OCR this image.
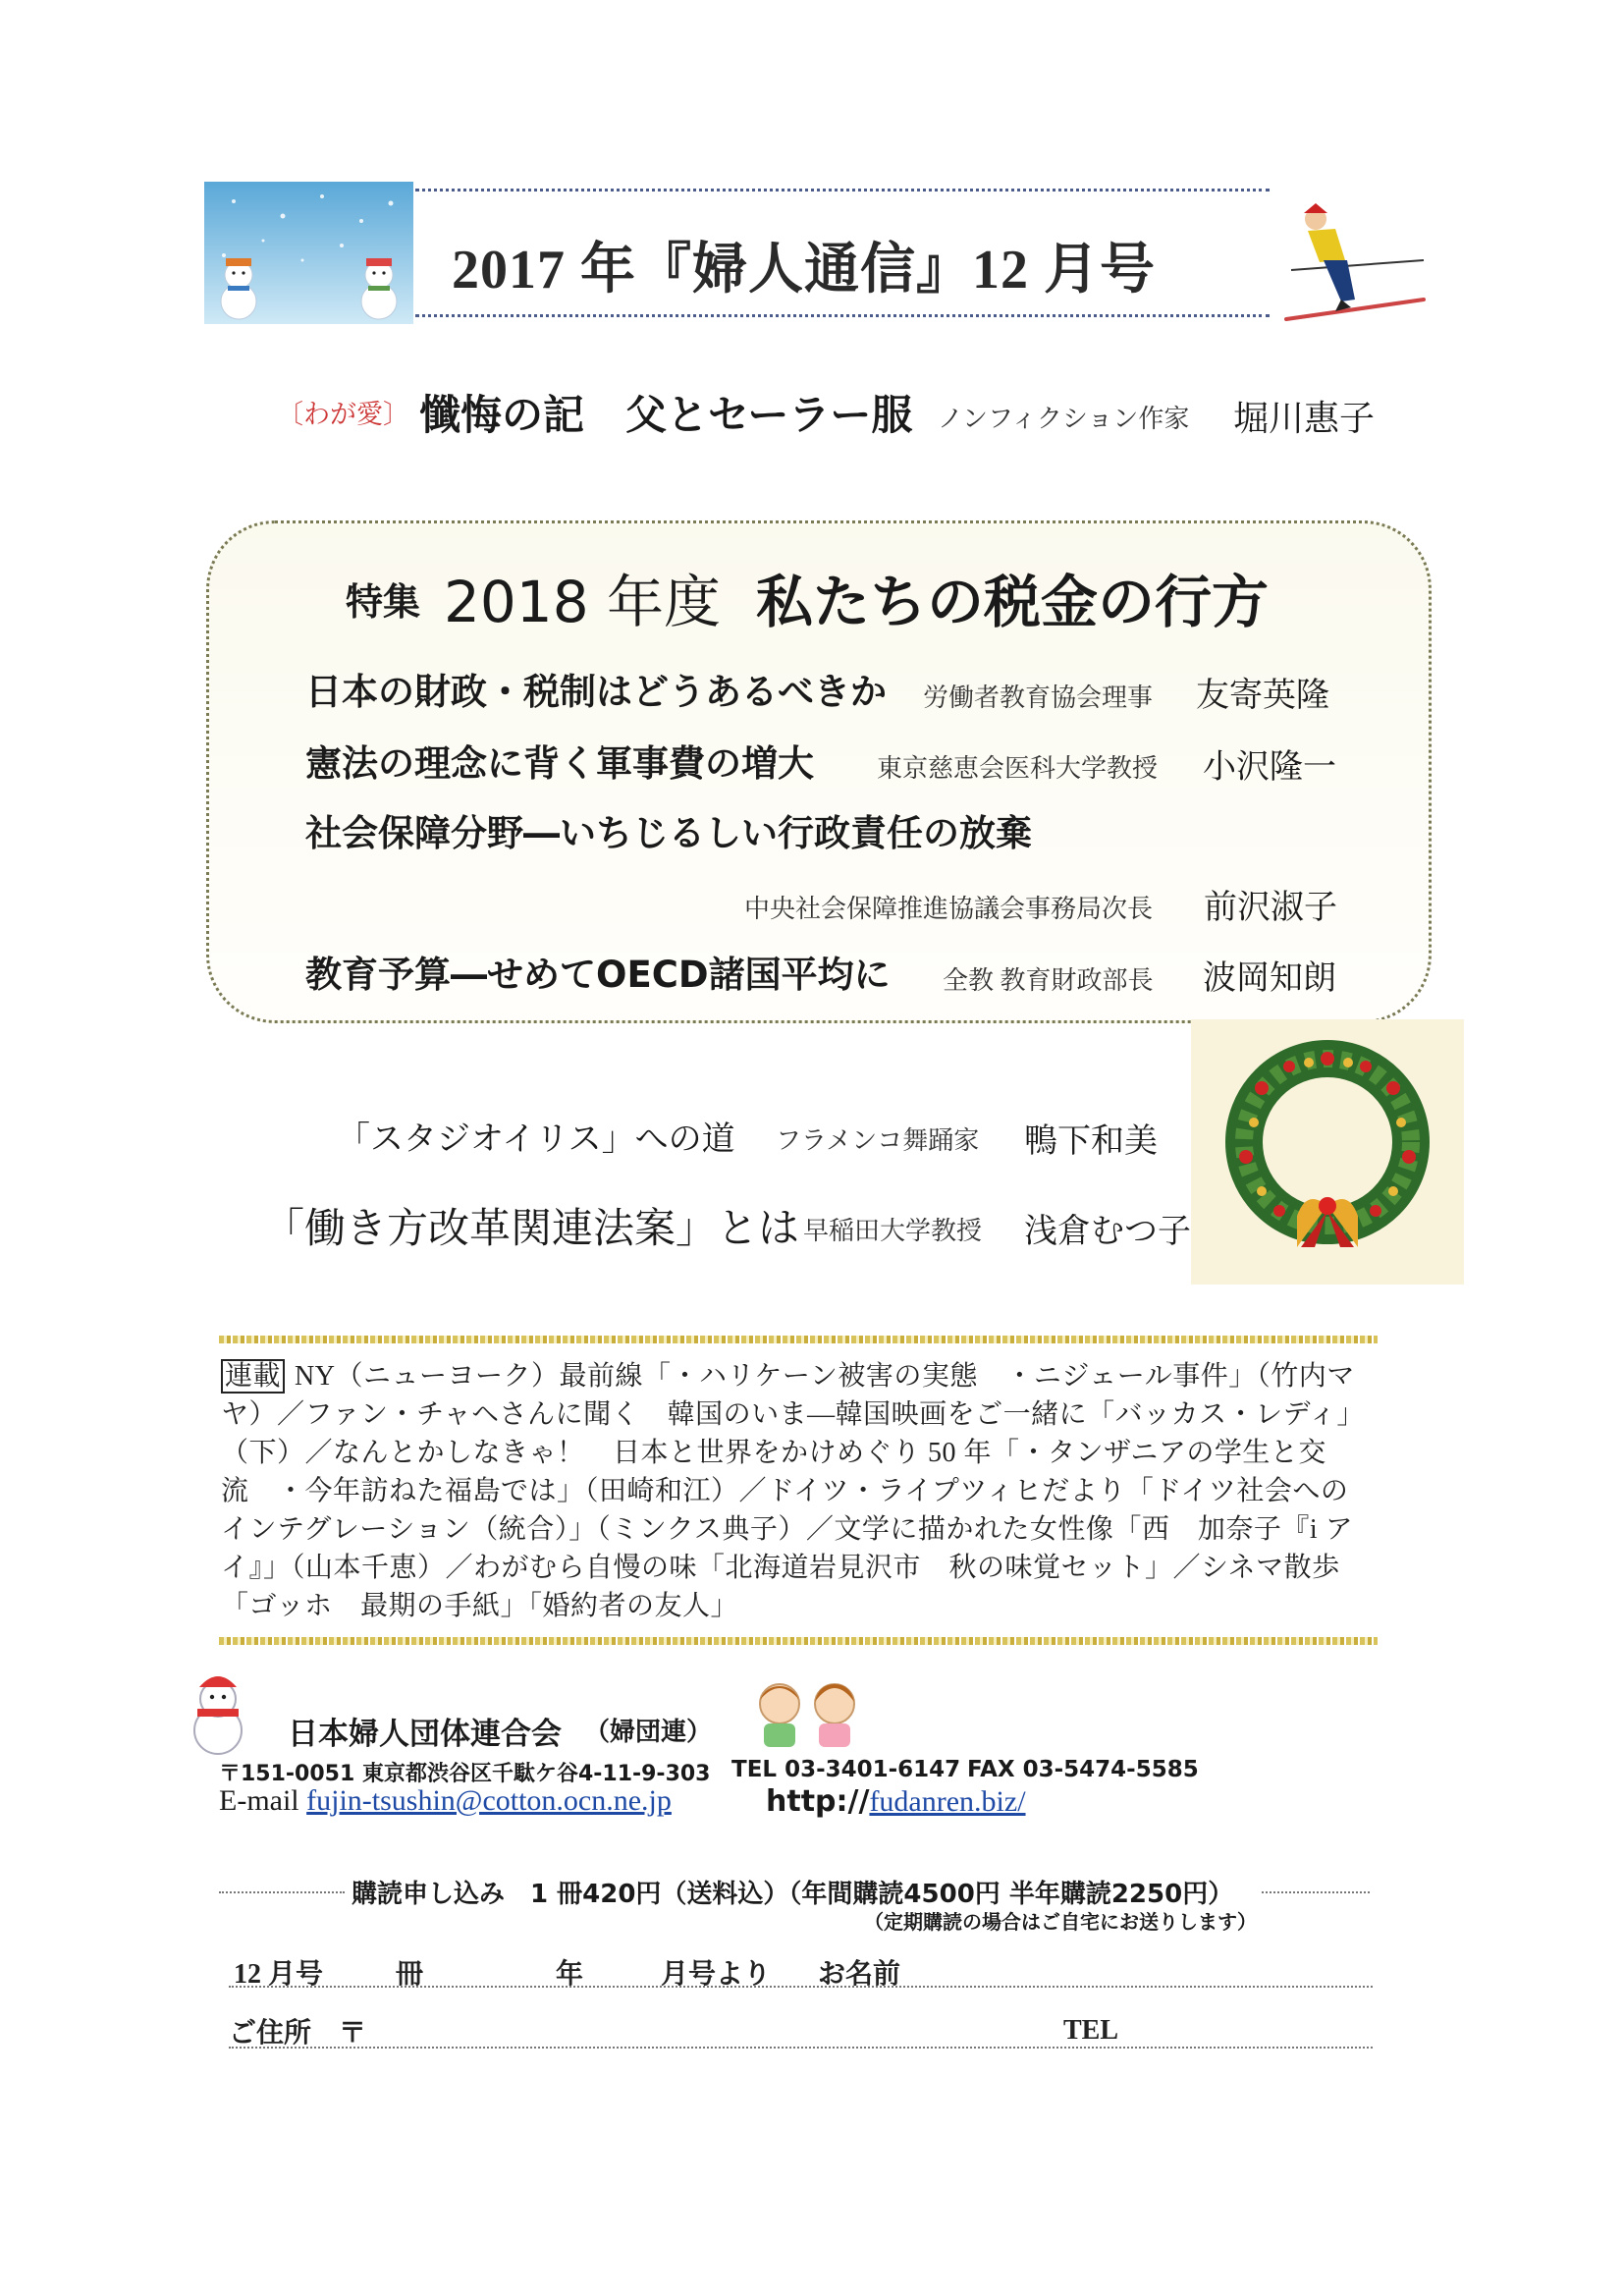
2017 年『婦人通信』12 月号
〔わが愛〕 懺悔の記　父とセーラー服 ノンフィクション作家 堀川惠子
特集 2018 年度 私たちの税金の行方
日本の財政・税制はどうあるべきか 労働者教育協会理事 友寄英隆
憲法の理念に背く軍事費の増大 東京慈恵会医科大学教授 小沢隆一
社会保障分野―いちじるしい行政責任の放棄
中央社会保障推進協議会事務局次長 前沢淑子
教育予算―せめてOECD諸国平均に 全教 教育財政部長 波岡知朗
「スタジオイリス」への道 フラメンコ舞踊家 鴨下和美
「働き方改革関連法案」とは 早稲田大学教授 浅倉むつ子
連載 NY（ニューヨーク）最前線「・ハリケーン被害の実態　・ニジェール事件」（竹内マヤ）／ファン・チャヘさんに聞く　韓国のいま―韓国映画をご一緒に「バッカス・レディ」（下）／なんとかしなきゃ！　日本と世界をかけめぐり 50 年「・タンザニアの学生と交流　・今年訪ねた福島では」（田崎和江）／ドイツ・ライプツィヒだより「ドイツ社会へのインテグレーション（統合）」（ミンクス典子）／文学に描かれた女性像「西　加奈子『i アイ』」（山本千恵）／わがむら自慢の味「北海道岩見沢市　秋の味覚セット」／シネマ散歩「ゴッホ　最期の手紙」「婚約者の友人」
日本婦人団体連合会 （婦団連）
〒151-0051 東京都渋谷区千駄ケ谷4-11-9-303 TEL 03-3401-6147 FAX 03-5474-5585
E-mail fujin-tsushin@cotton.ocn.ne.jp	http://fudanren.biz/
購読申し込み　1 冊420円（送料込）（年間購読4500円 半年購読2250円）
（定期購読の場合はご自宅にお送りします）
12 月号	冊	年	月号より お名前
ご住所　〒	TEL
